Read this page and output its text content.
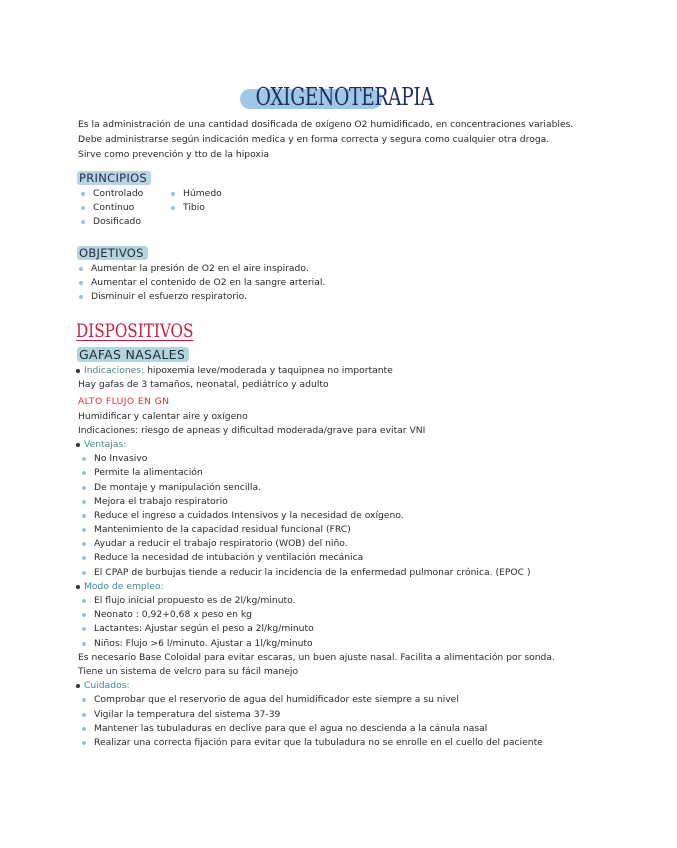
OXIGENOTERAPIA
Es la administración de una cantidad dosificada de oxígeno O2 humidificado, en concentraciones variables.
Debe administrarse según indicación medica y en forma correcta y segura como cualquier otra droga.
Sirve como prevención y tto de la hipoxia
PRINCIPIOS
Controlado
Continuo
Dosificado
Húmedo
Tibio
OBJETIVOS
Aumentar la presión de O2 en el aire inspirado.
Aumentar el contenido de O2 en la sangre arterial.
Disminuir el esfuerzo respiratorio.
DISPOSITIVOS
GAFAS NASALES
Indicaciones: hipoxemia leve/moderada y taquipnea no importante
Hay gafas de 3 tamaños, neonatal, pediátrico y adulto
ALTO FLUJO EN GN
Humidificar y calentar aire y oxígeno
Indicaciones: riesgo de apneas y dificultad moderada/grave para evitar VNI
Ventajas:
No Invasivo
Permite la alimentación
De montaje y manipulación sencilla.
Mejora el trabajo respiratorio
Reduce el ingreso a cuidados Intensivos y la necesidad de oxígeno.
Mantenimiento de la capacidad residual funcional (FRC)
Ayudar a reducir el trabajo respiratorio (WOB) del niño.
Reduce la necesidad de intubación y ventilación mecánica
El CPAP de burbujas tiende a reducir la incidencia de la enfermedad pulmonar crónica. (EPOC )
Modo de empleo:
El flujo inicial propuesto es de 2l/kg/minuto.
Neonato : 0,92+0,68 x peso en kg
Lactantes: Ajustar según el peso a 2l/kg/minuto
Niños: Flujo >6 l/minuto. Ajustar a 1l/kg/minuto
Es necesario Base Coloidal para evitar escaras, un buen ajuste nasal. Facilita a alimentación por sonda.
Tiene un sistema de velcro para su fácil manejo
Cuidados:
Comprobar que el reservorio de agua del humidificador este siempre a su nivel
Vigilar la temperatura del sistema 37-39
Mantener las tubuladuras en declive para que el agua no descienda a la cánula nasal
Realizar una correcta fijación para evitar que la tubuladura no se enrolle en el cuello del paciente
